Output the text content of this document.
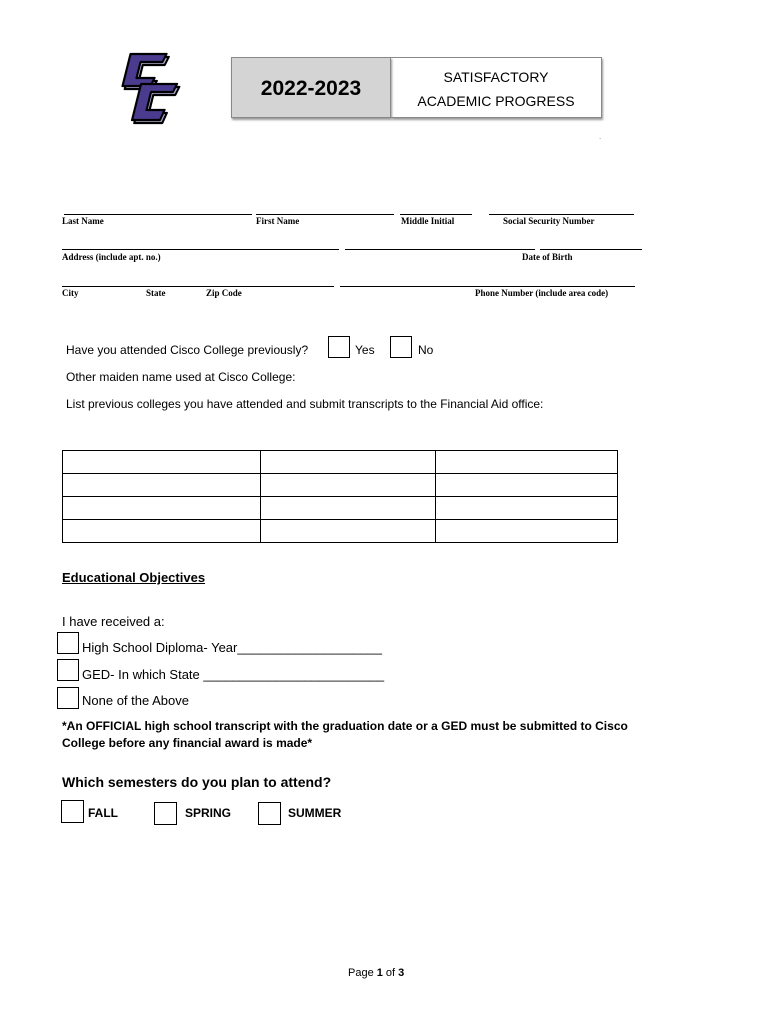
2022-2023	SATISFACTORY
ACADEMIC PROGRESS
.
Last Name	First Name	Middle Initial	Social Security Number
Address (include apt. no.)	Date of Birth
City	State	Zip Code	Phone Number (include area code)
Have you attended Cisco College previously?	Yes	No
Other maiden name used at Cisco College:
List previous colleges you have attended and submit transcripts to the Financial Aid office:

Educational Objectives
I have received a:
High School Diploma- Year____________________
GED- In which State _________________________
None of the Above
*An OFFICIAL high school transcript with the graduation date or a GED must be submitted to Cisco
College before any financial award is made*
Which semesters do you plan to attend?
FALL	SPRING	SUMMER
Page 1 of 3
